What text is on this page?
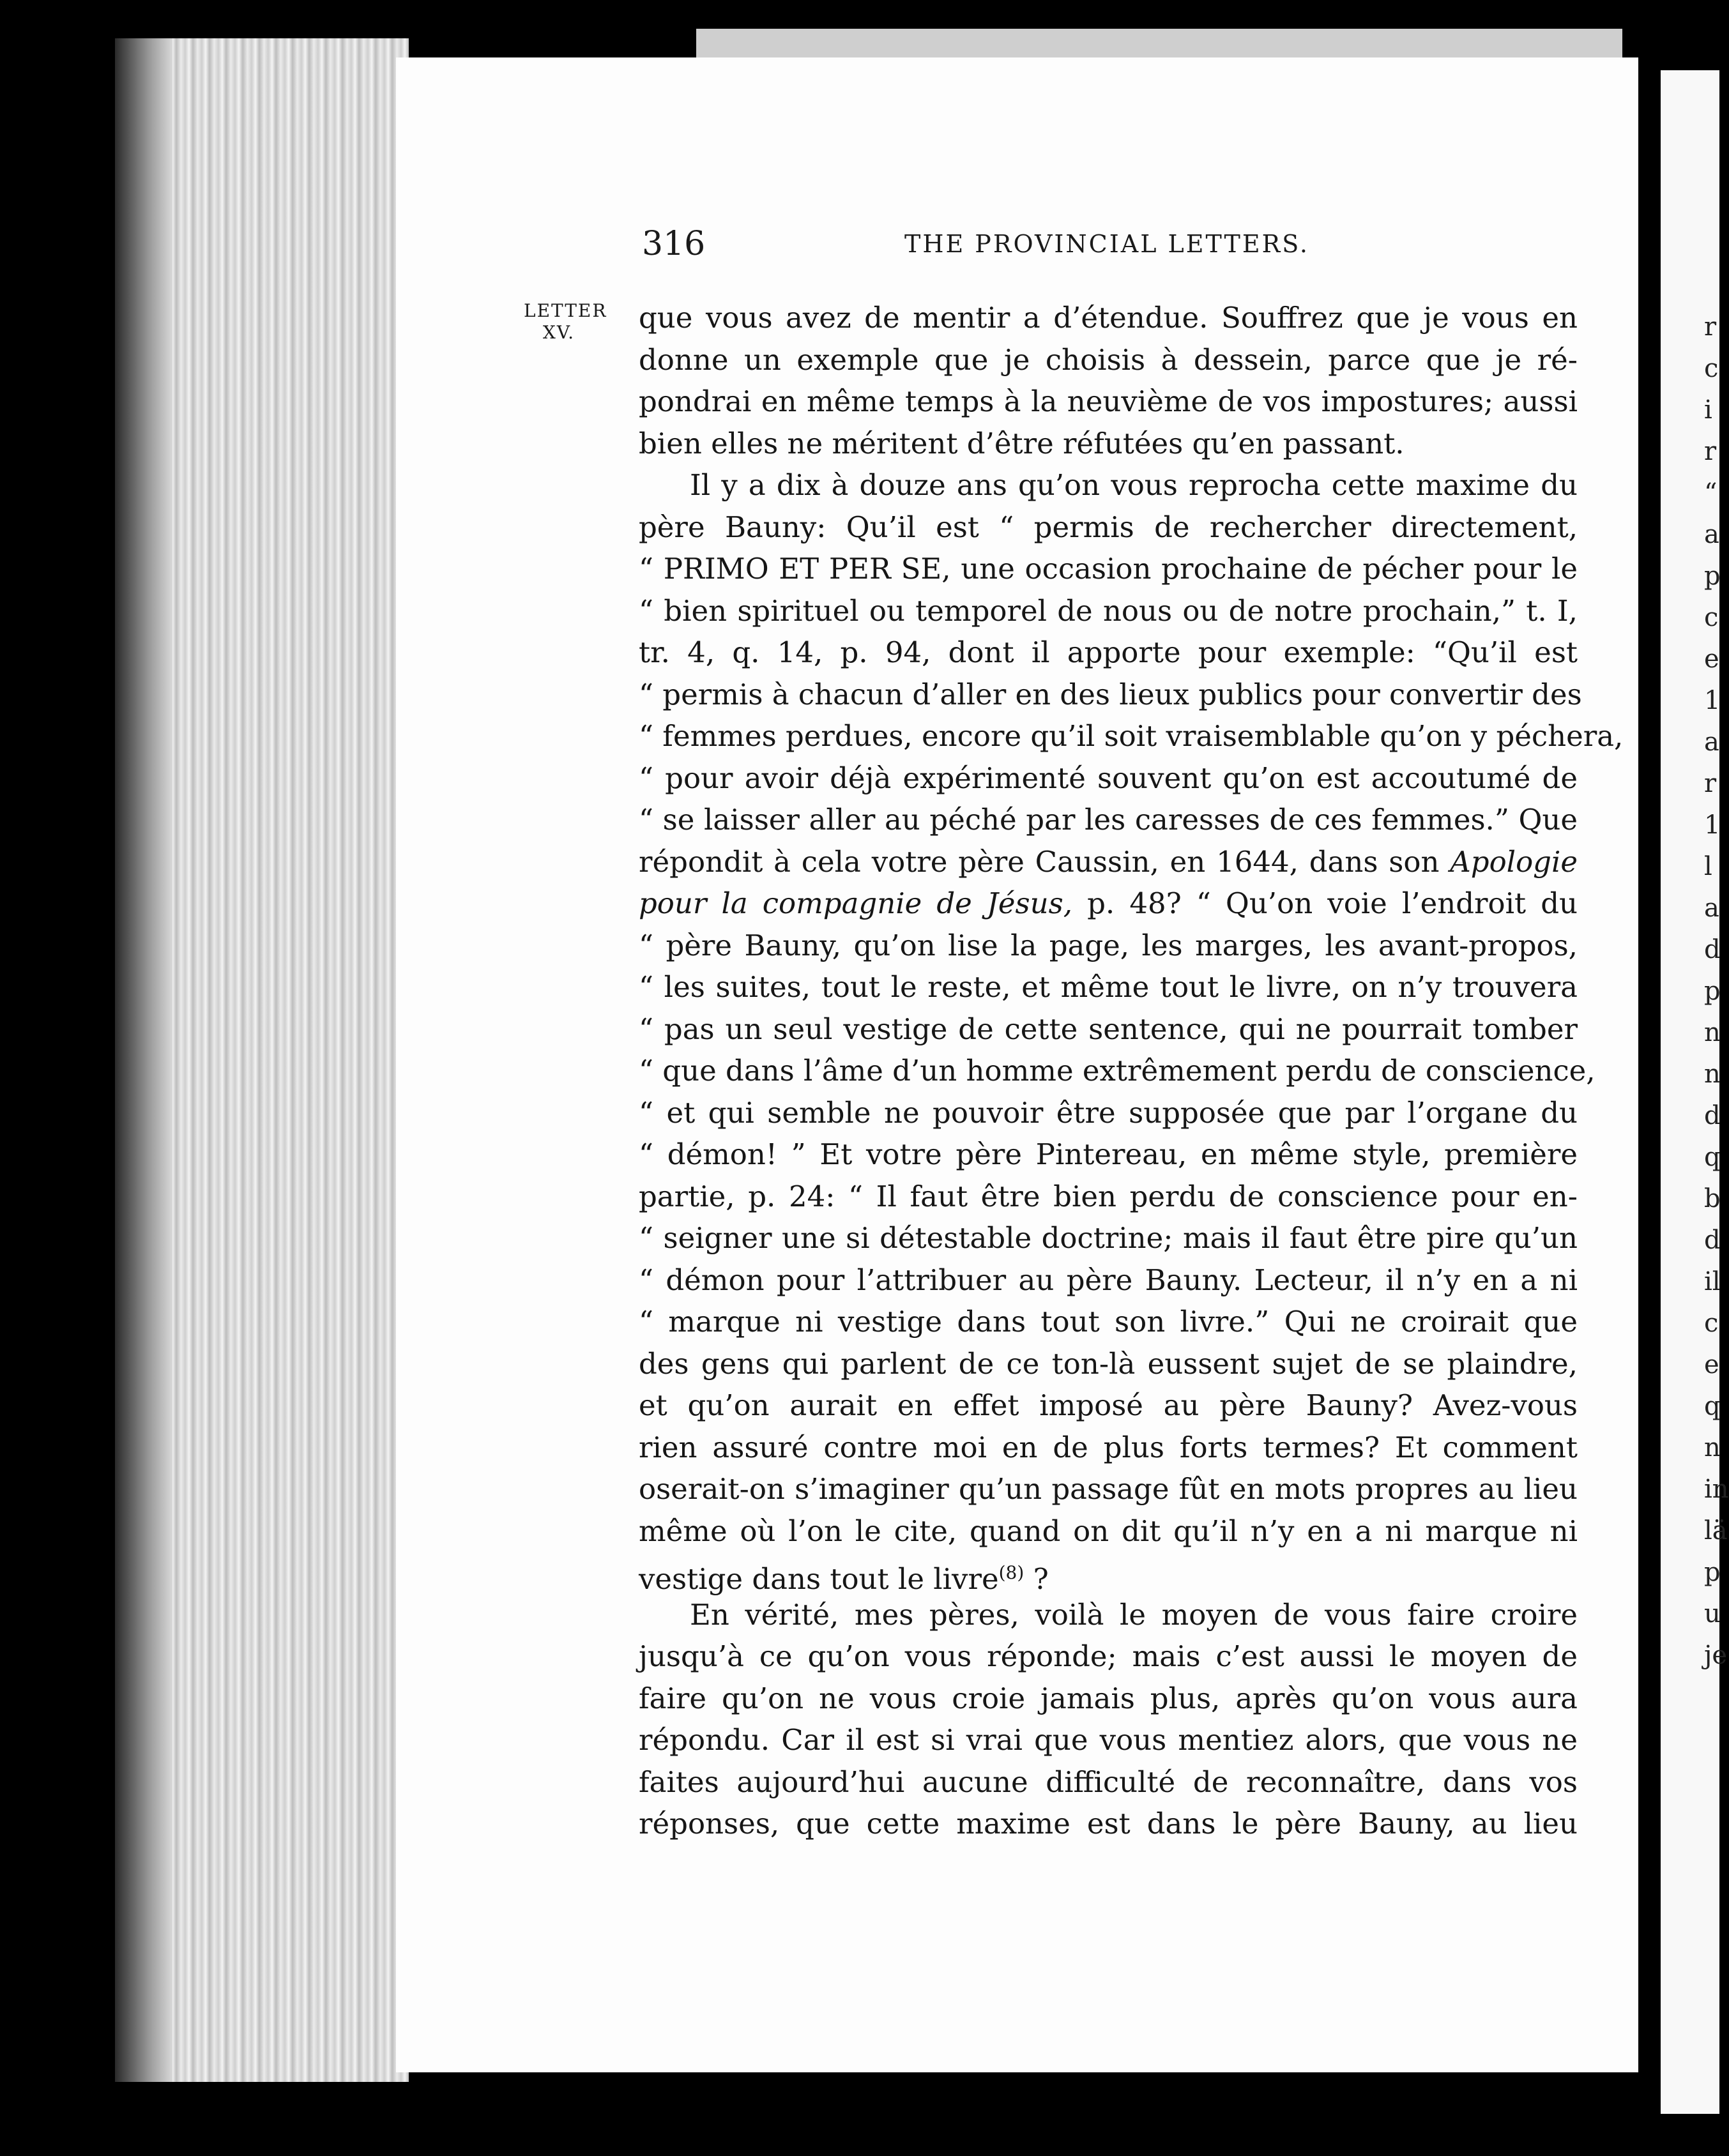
r
c
i
r
“
a
p
c
e
1
a
r
1
l
a
d
p
n
n
d
q
b
d
il
c
e
q
n
in
lä
p
u
je
316	THE PROVINCIAL LETTERS.
LETTER
XV.	que vous avez de mentir a d’étendue. Souffrez que je vous en
donne un exemple que je choisis à dessein, parce que je ré-
pondrai en même temps à la neuvième de vos impostures; aussi
bien elles ne méritent d’être réfutées qu’en passant.
Il y a dix à douze ans qu’on vous reprocha cette maxime du
père Bauny: Qu’il est “ permis de rechercher directement,
“ PRIMO ET PER SE, une occasion prochaine de pécher pour le
“ bien spirituel ou temporel de nous ou de notre prochain,” t. I,
tr. 4, q. 14, p. 94, dont il apporte pour exemple: “Qu’il est
“ permis à chacun d’aller en des lieux publics pour convertir des
“ femmes perdues, encore qu’il soit vraisemblable qu’on y péchera,
“ pour avoir déjà expérimenté souvent qu’on est accoutumé de
“ se laisser aller au péché par les caresses de ces femmes.” Que
répondit à cela votre père Caussin, en 1644, dans son Apologie
pour la compagnie de Jésus, p. 48? “ Qu’on voie l’endroit du
“ père Bauny, qu’on lise la page, les marges, les avant-propos,
“ les suites, tout le reste, et même tout le livre, on n’y trouvera
“ pas un seul vestige de cette sentence, qui ne pourrait tomber
“ que dans l’âme d’un homme extrêmement perdu de conscience,
“ et qui semble ne pouvoir être supposée que par l’organe du
“ démon! ” Et votre père Pintereau, en même style, première
partie, p. 24: “ Il faut être bien perdu de conscience pour en-
“ seigner une si détestable doctrine; mais il faut être pire qu’un
“ démon pour l’attribuer au père Bauny. Lecteur, il n’y en a ni
“ marque ni vestige dans tout son livre.” Qui ne croirait que
des gens qui parlent de ce ton-là eussent sujet de se plaindre,
et qu’on aurait en effet imposé au père Bauny? Avez-vous
rien assuré contre moi en de plus forts termes? Et comment
oserait-on s’imaginer qu’un passage fût en mots propres au lieu
même où l’on le cite, quand on dit qu’il n’y en a ni marque ni
vestige dans tout le livre$^{(8)}$ ?
En vérité, mes pères, voilà le moyen de vous faire croire
jusqu’à ce qu’on vous réponde; mais c’est aussi le moyen de
faire qu’on ne vous croie jamais plus, après qu’on vous aura
répondu. Car il est si vrai que vous mentiez alors, que vous ne
faites aujourd’hui aucune difficulté de reconnaître, dans vos
réponses, que cette maxime est dans le père Bauny, au lieu
